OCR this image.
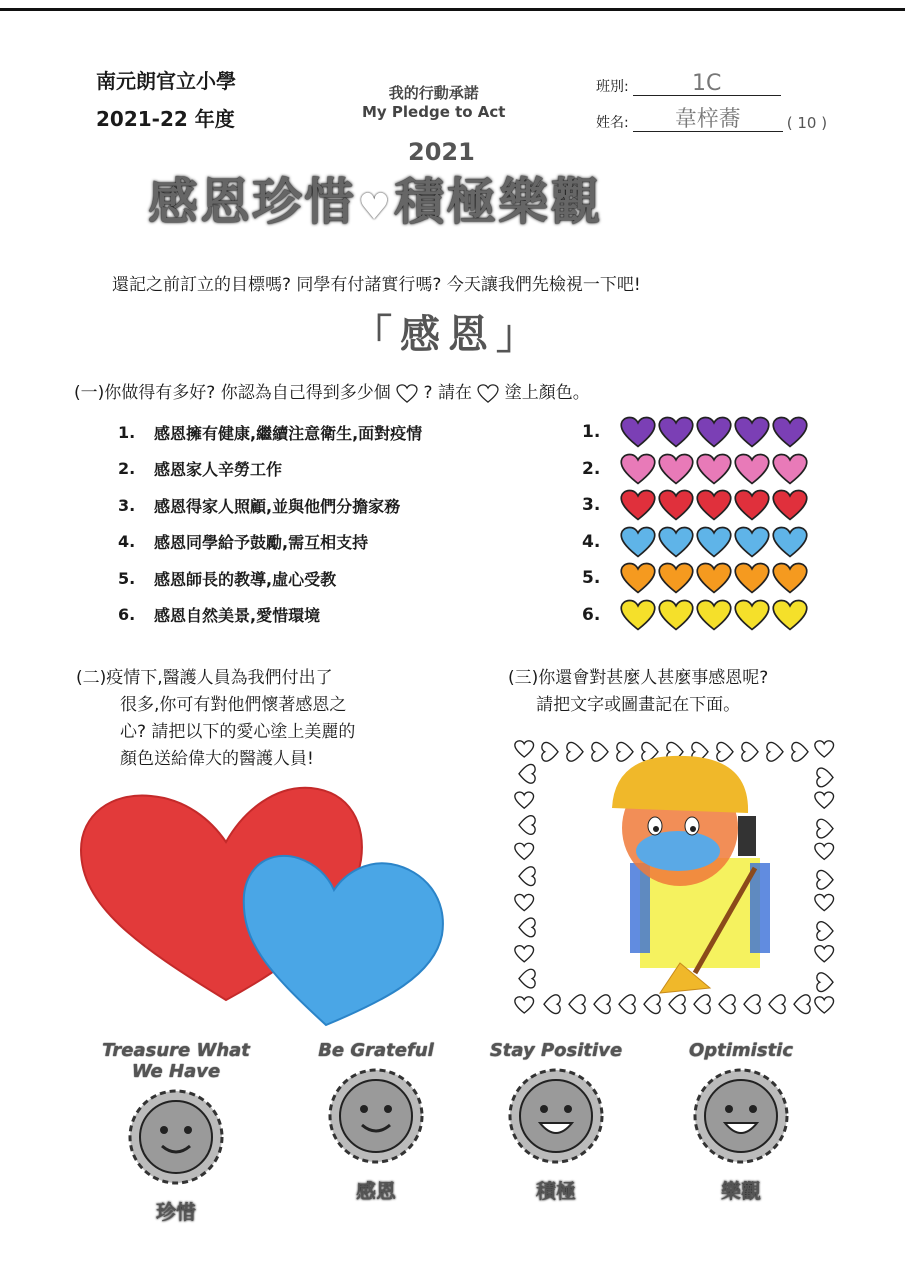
南元朗官立小學
2021-22 年度
我的行動承諾
My Pledge to Act
班別:	1C
姓名:	韋梓蕎	( 10 )
2021
感恩珍惜♥積極樂觀
還記之前訂立的目標嗎? 同學有付諸實行嗎? 今天讓我們先檢視一下吧!
「感恩」
(一)你做得有多好? 你認為自己得到多少個 ? 請在 塗上顏色。
1.	感恩擁有健康,繼續注意衛生,面對疫情
2.	感恩家人辛勞工作
3.	感恩得家人照顧,並與他們分擔家務
4.	感恩同學給予鼓勵,需互相支持
5.	感恩師長的教導,虛心受教
6.	感恩自然美景,愛惜環境
1.
2.
3.
4.
5.
6.
(二)疫情下,醫護人員為我們付出了
很多,你可有對他們懷著感恩之
心? 請把以下的愛心塗上美麗的
顏色送給偉大的醫護人員!
(三)你還會對甚麼人甚麼事感恩呢?
請把文字或圖畫記在下面。
Treasure What We Have
珍惜
Be Grateful
感恩
Stay Positive
積極
Optimistic
樂觀
